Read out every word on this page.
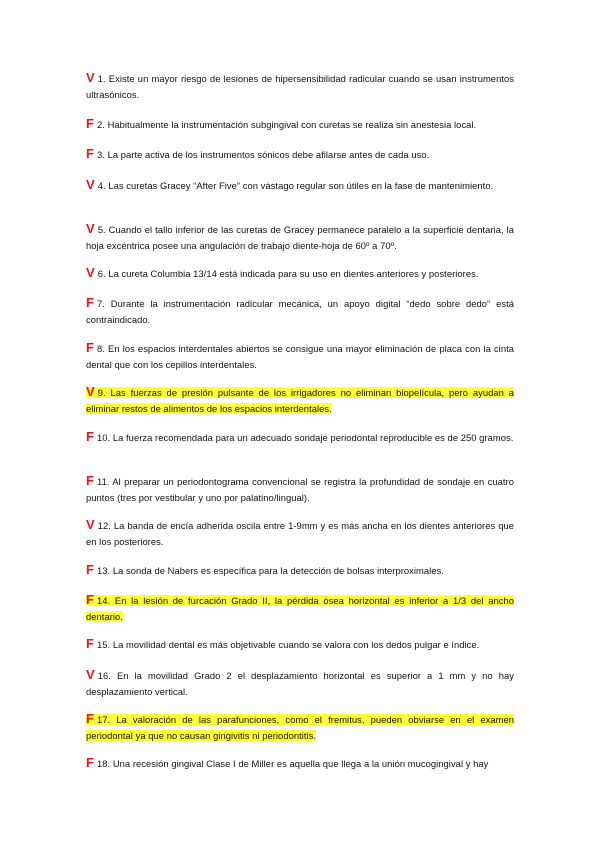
V 1. Existe un mayor riesgo de lesiones de hipersensibilidad radicular cuando se usan instrumentos ultrasónicos.
F 2. Habitualmente la instrumentación subgingival con curetas se realiza sin anestesia local.
F 3. La parte activa de los instrumentos sónicos debe afilarse antes de cada uso.
V 4. Las curetas Gracey “After Five” con vástago regular son útiles en la fase de mantenimiento.
V 5. Cuando el tallo inferior de las curetas de Gracey permanece paralelo a la superficie dentaria, la hoja excéntrica posee una angulación de trabajo diente-hoja de 60º a 70º.
V 6. La cureta Columbia 13/14 está indicada para su uso en dientes anteriores y posteriores.
F 7. Durante la instrumentación radicular mecánica, un apoyo digital “dedo sobre dedo” está contraindicado.
F 8. En los espacios interdentales abiertos se consigue una mayor eliminación de placa con la cinta dental que con los cepillos interdentales.
V 9. Las fuerzas de presión pulsante de los irrigadores no eliminan biopelícula, pero ayudan a eliminar restos de alimentos de los espacios interdentales.
F 10. La fuerza recomendada para un adecuado sondaje periodontal reproducible es de 250 gramos.
F 11. Al preparar un periodontograma convencional se registra la profundidad de sondaje en cuatro puntos (tres por vestibular y uno por palatino/lingual).
V 12. La banda de encía adherida oscila entre 1-9mm y es más ancha en los dientes anteriores que en los posteriores.
F 13. La sonda de Nabers es específica para la detección de bolsas interproximales.
F 14. En la lesión de furcación Grado II, la pérdida ósea horizontal es inferior a 1/3 del ancho dentario.
F 15. La movilidad dental es más objetivable cuando se valora con los dedos pulgar e índice.
V 16. En la movilidad Grado 2 el desplazamiento horizontal es superior a 1 mm y no hay desplazamiento vertical.
F 17. La valoración de las parafunciones, como el fremitus, pueden obviarse en el examen periodontal ya que no causan gingivitis ni periodontitis.
F 18. Una recesión gingival Clase I de Miller es aquella que llega a la unión mucogingival y hay
